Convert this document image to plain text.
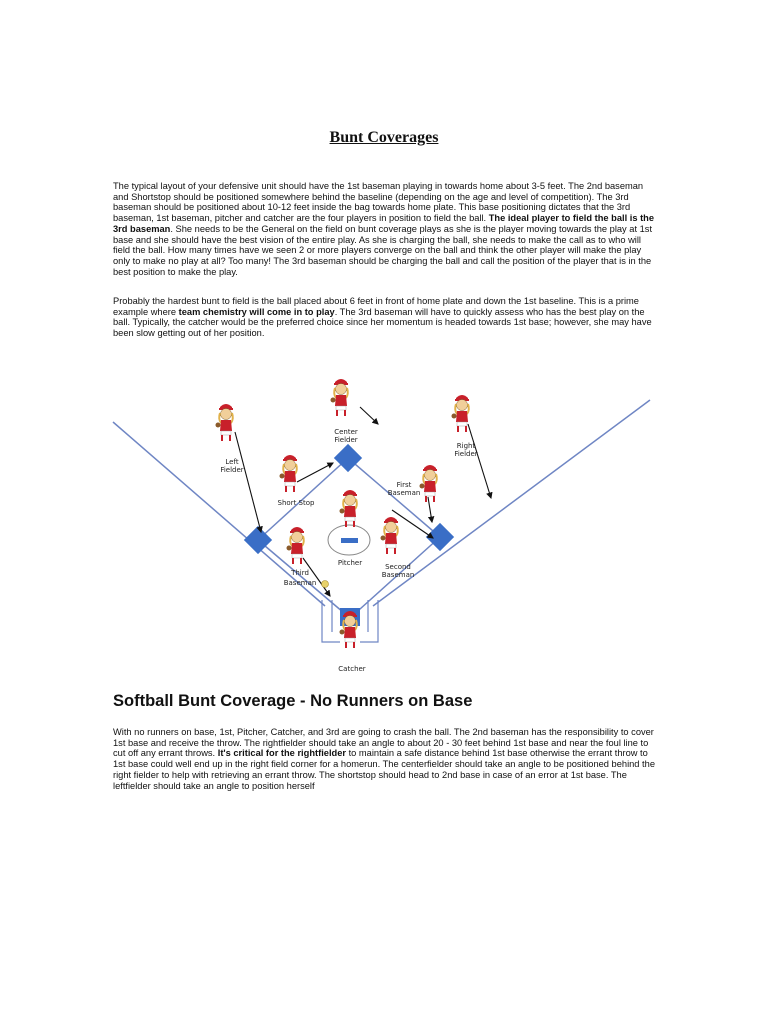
Bunt Coverages

The typical layout of your defensive unit should have the 1st baseman playing in towards home about 3-5 feet. The 2nd baseman and Shortstop should be positioned somewhere behind the baseline (depending on the age and level of competition). The 3rd baseman should be positioned about 10-12 feet inside the bag towards home plate. This base positioning dictates that the 3rd baseman, 1st baseman, pitcher and catcher are the four players in position to field the ball. The ideal player to field the ball is the 3rd baseman. She needs to be the General on the field on bunt coverage plays as she is the player moving towards the play at 1st base and she should have the best vision of the entire play. As she is charging the ball, she needs to make the call as to who will field the ball. How many times have we seen 2 or more players converge on the ball and think the other player will make the play only to make no play at all? Too many! The 3rd baseman should be charging the ball and call the position of the player that is in the best position to make the play.

Probably the hardest bunt to field is the ball placed about 6 feet in front of home plate and down the 1st baseline. This is a prime example where team chemistry will come in to play. The 3rd baseman will have to quickly assess who has the best play on the ball. Typically, the catcher would be the preferred choice since her momentum is headed towards 1st base; however, she may have been slow getting out of her position.

Center
Fielder
Right
Fielder
Left
Fielder
Short Stop
First
Baseman
Pitcher	Second
Baseman
Third
Baseman
Catcher
Softball Bunt Coverage - No Runners on Base

With no runners on base, 1st, Pitcher, Catcher, and 3rd are going to crash the ball. The 2nd baseman has the responsibility to cover 1st base and receive the throw. The rightfielder should take an angle to about 20 - 30 feet behind 1st base and near the foul line to cut off any errant throws. It's critical for the rightfielder to maintain a safe distance behind 1st base otherwise the errant throw to 1st base could well end up in the right field corner for a homerun. The centerfielder should take an angle to be positioned behind the right fielder to help with retrieving an errant throw. The shortstop should head to 2nd base in case of an error at 1st base. The leftfielder should take an angle to position herself
